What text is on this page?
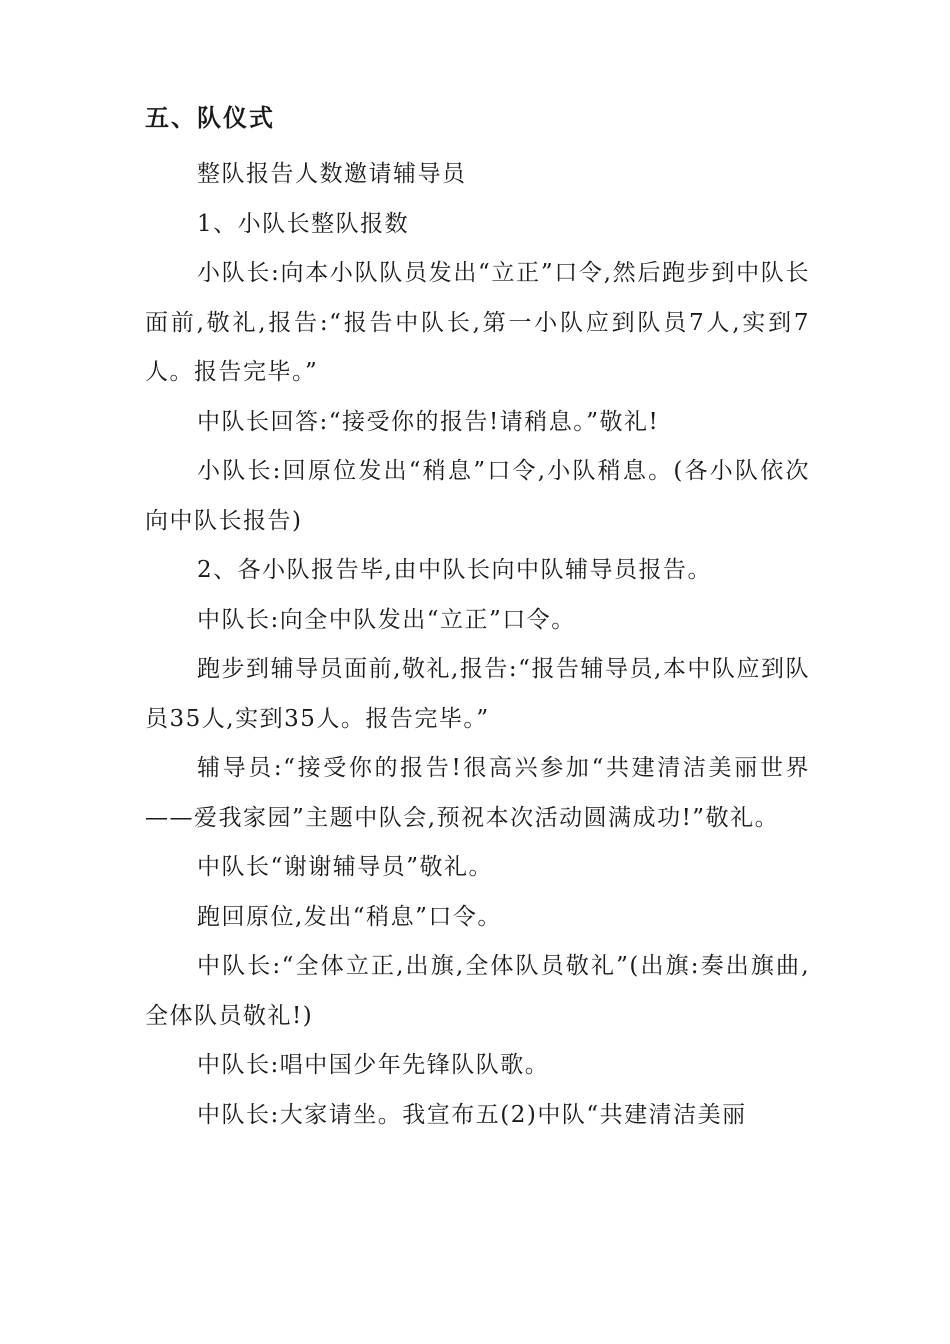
五、队仪式

整队报告人数邀请辅导员

1、小队长整队报数

小队长:向本小队队员发出“立正”口令,然后跑步到中队长面前,敬礼,报告:“报告中队长,第一小队应到队员7人,实到7人。报告完毕。”

中队长回答:“接受你的报告!请稍息。”敬礼!

小队长:回原位发出“稍息”口令,小队稍息。(各小队依次向中队长报告)

2、各小队报告毕,由中队长向中队辅导员报告。

中队长:向全中队发出“立正”口令。

跑步到辅导员面前,敬礼,报告:“报告辅导员,本中队应到队员35人,实到35人。报告完毕。”

辅导员:“接受你的报告!很高兴参加“共建清洁美丽世界——爱我家园”主题中队会,预祝本次活动圆满成功!”敬礼。

中队长“谢谢辅导员”敬礼。

跑回原位,发出“稍息”口令。

中队长:“全体立正,出旗,全体队员敬礼”(出旗:奏出旗曲,全体队员敬礼!)

中队长:唱中国少年先锋队队歌。

中队长:大家请坐。我宣布五(2)中队“共建清洁美丽
